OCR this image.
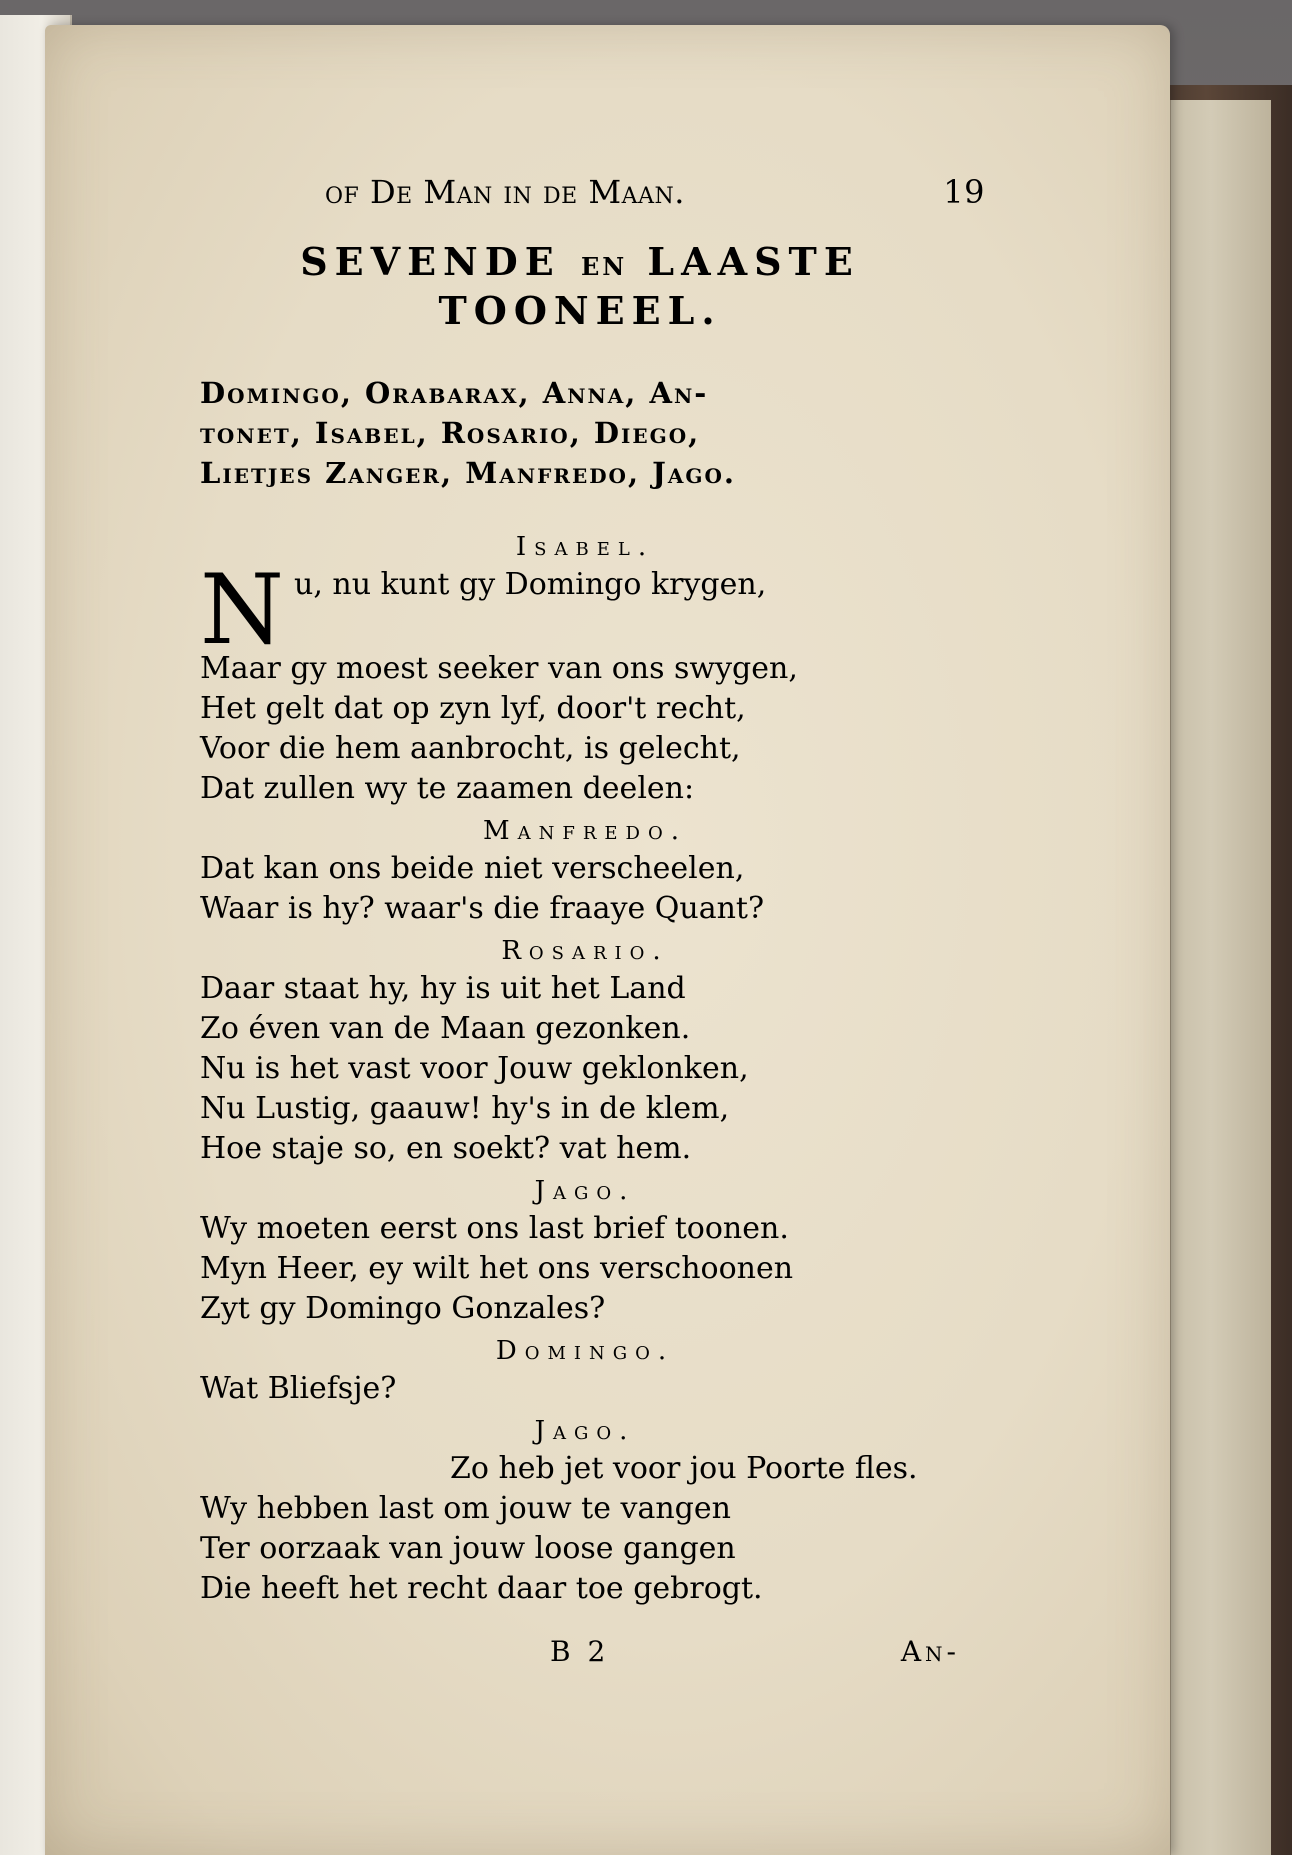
of De Man in de Maan.	19
SEVENDE EN LAASTE
TOONEEL.
Domingo, Orabarax, Anna, An-
tonet, Isabel, Rosario, Diego,
Lietjes Zanger, Manfredo, Jago.
Isabel.
N u, nu kunt gy Domingo krygen,
Maar gy moest seeker van ons swygen,
Het gelt dat op zyn lyf, door't recht,
Voor die hem aanbrocht, is gelecht,
Dat zullen wy te zaamen deelen:
Manfredo.
Dat kan ons beide niet verscheelen,
Waar is hy? waar's die fraaye Quant?
Rosario.
Daar staat hy, hy is uit het Land
Zo éven van de Maan gezonken.
Nu is het vast voor Jouw geklonken,
Nu Lustig, gaauw! hy's in de klem,
Hoe staje so, en soekt? vat hem.
Jago.
Wy moeten eerst ons last brief toonen.
Myn Heer, ey wilt het ons verschoonen
Zyt gy Domingo Gonzales?
Domingo.
Wat Bliefsje?
Jago.
Zo heb jet voor jou Poorte fles.
Wy hebben last om jouw te vangen
Ter oorzaak van jouw loose gangen
Die heeft het recht daar toe gebrogt.
B 2	An-
